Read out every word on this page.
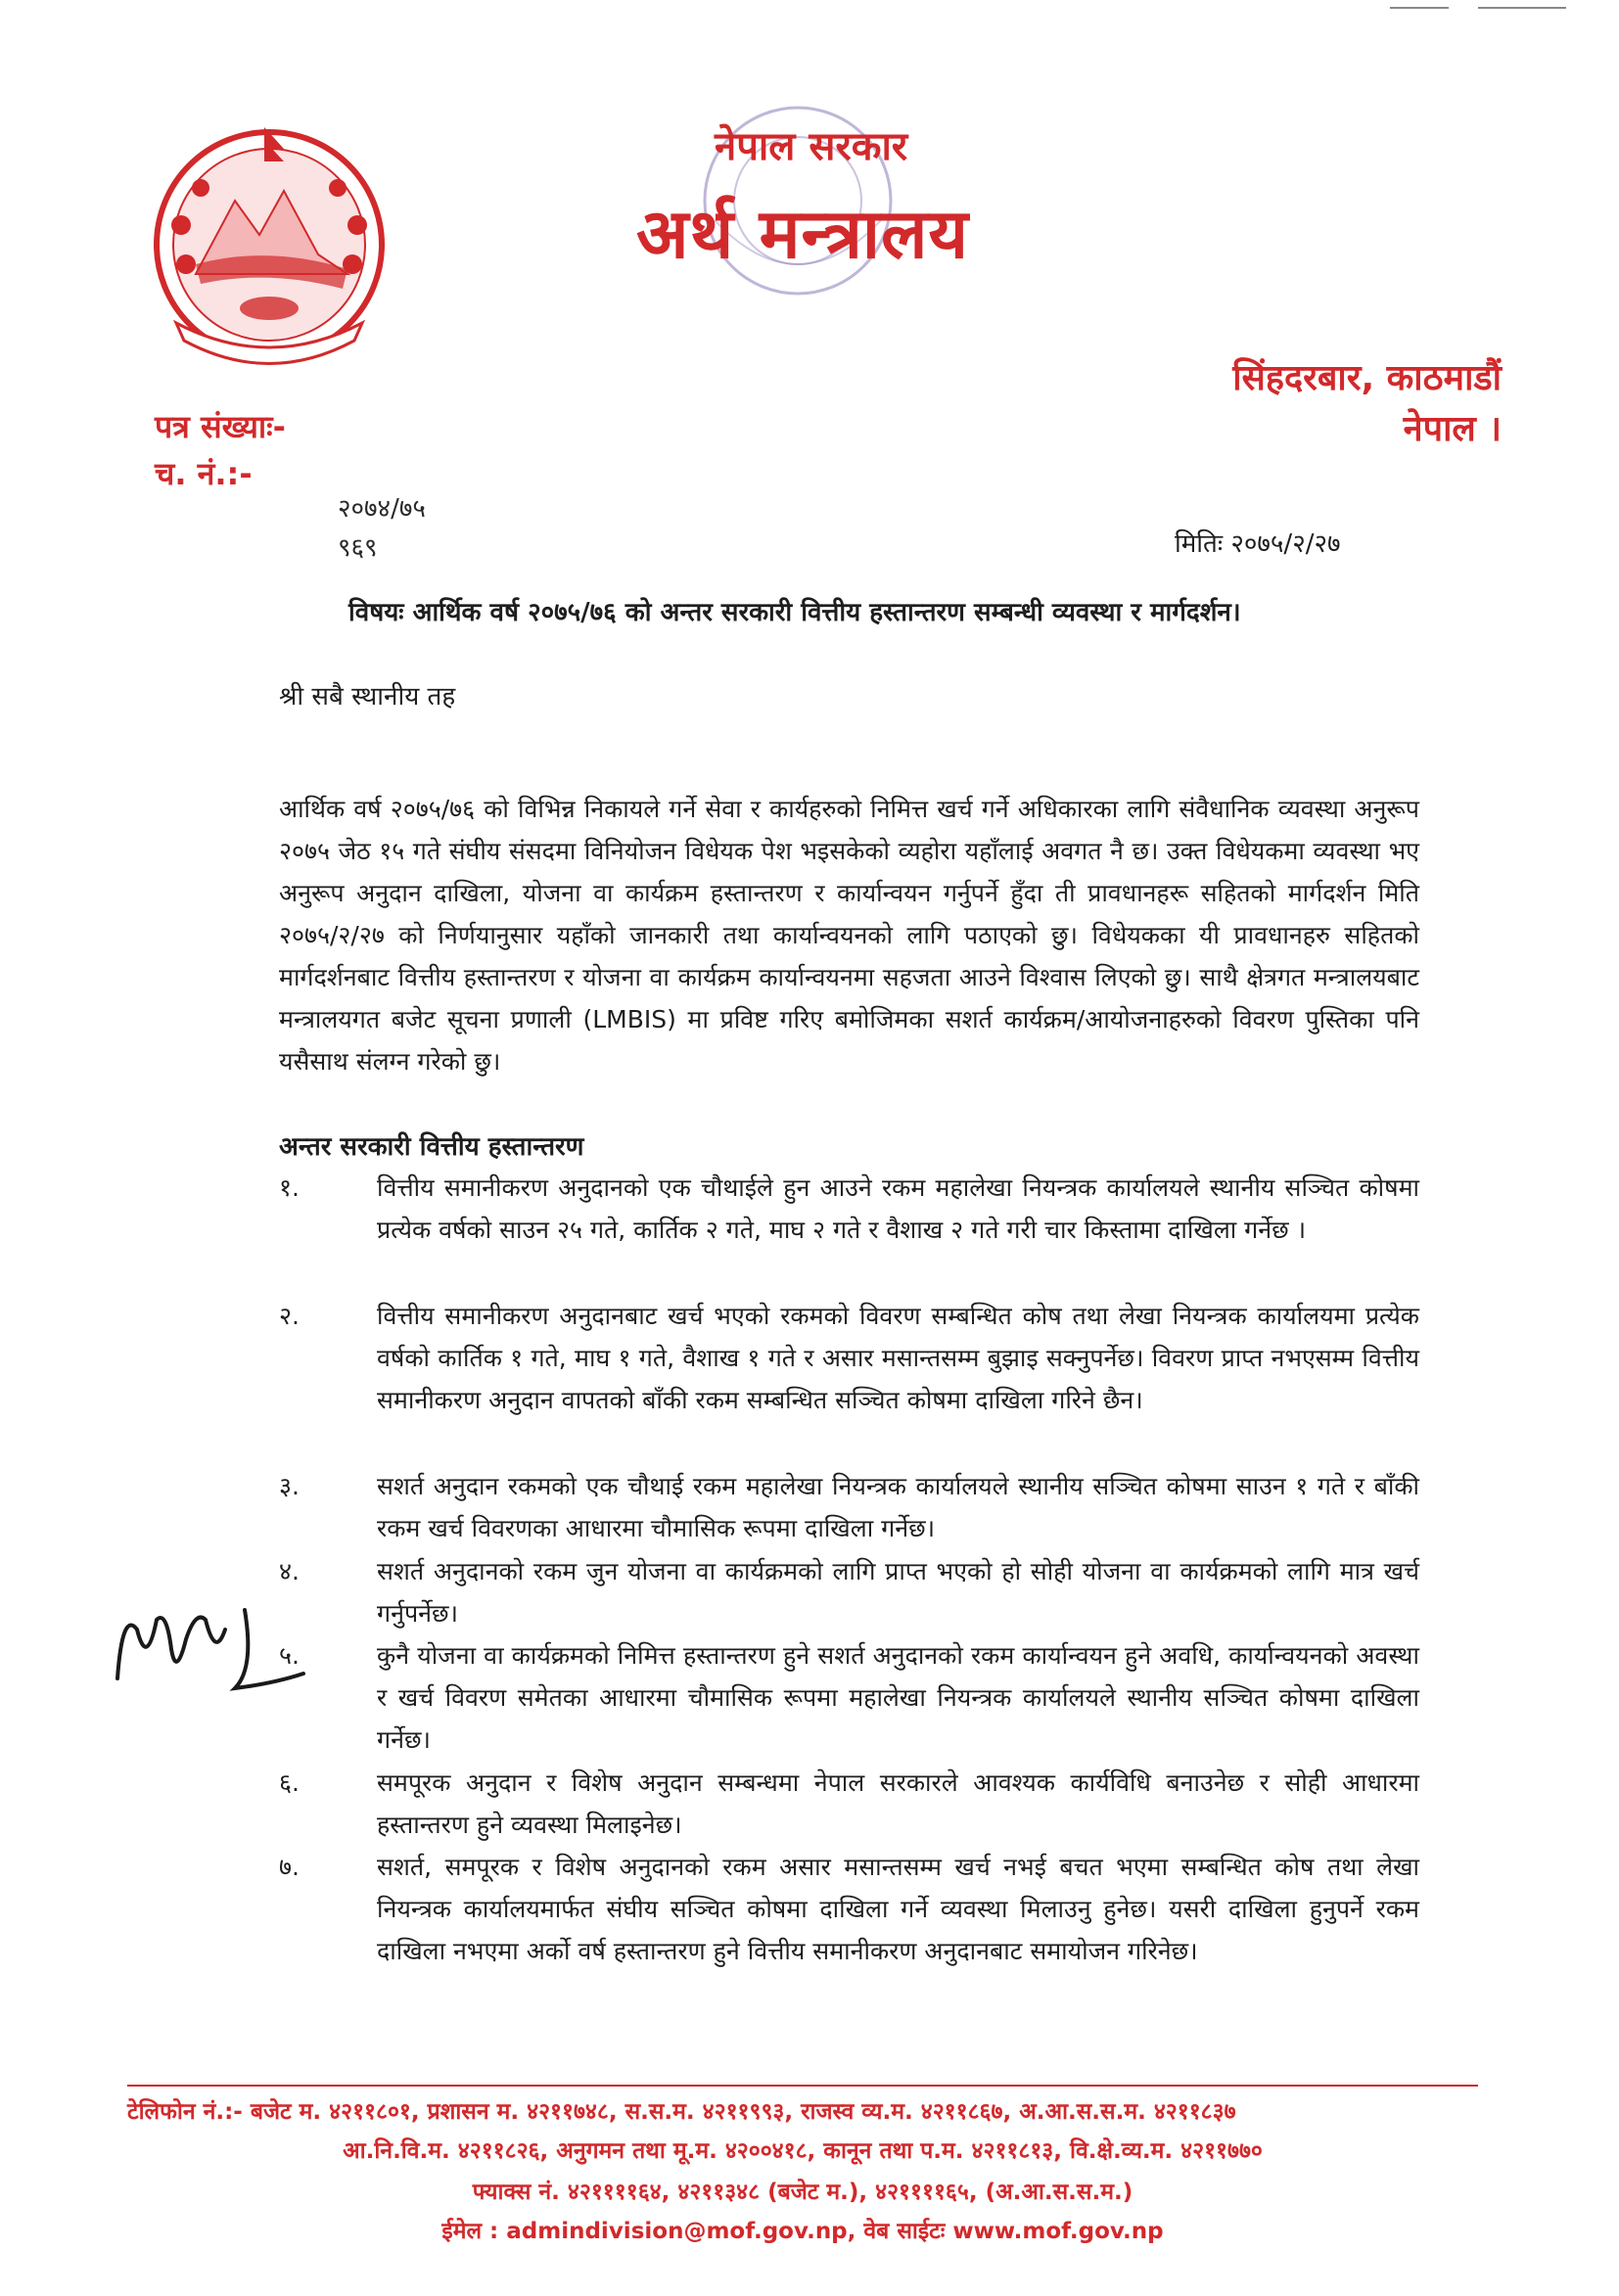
नेपाल सरकार
अर्थ मन्त्रालय
सिंहदरबार, काठमाडौं
नेपाल ।
पत्र संख्याः-
च. नं.:-
२०७४/७५
९६९	मितिः २०७५/२/२७
विषयः आर्थिक वर्ष २०७५/७६ को अन्तर सरकारी वित्तीय हस्तान्तरण सम्बन्धी व्यवस्था र मार्गदर्शन।
श्री सबै स्थानीय तह
आर्थिक वर्ष २०७५/७६ को विभिन्न निकायले गर्ने सेवा र कार्यहरुको निमित्त खर्च गर्ने अधिकारका लागि संवैधानिक व्यवस्था अनुरूप २०७५ जेठ १५ गते संघीय संसदमा विनियोजन विधेयक पेश भइसकेको व्यहोरा यहाँलाई अवगत नै छ। उक्त विधेयकमा व्यवस्था भए अनुरूप अनुदान दाखिला, योजना वा कार्यक्रम हस्तान्तरण र कार्यान्वयन गर्नुपर्ने हुँदा ती प्रावधानहरू सहितको मार्गदर्शन मिति २०७५/२/२७ को निर्णयानुसार यहाँको जानकारी तथा कार्यान्वयनको लागि पठाएको छु। विधेयकका यी प्रावधानहरु सहितको मार्गदर्शनबाट वित्तीय हस्तान्तरण र योजना वा कार्यक्रम कार्यान्वयनमा सहजता आउने विश्वास लिएको छु। साथै क्षेत्रगत मन्त्रालयबाट मन्त्रालयगत बजेट सूचना प्रणाली (LMBIS) मा प्रविष्ट गरिए बमोजिमका सशर्त कार्यक्रम/आयोजनाहरुको विवरण पुस्तिका पनि यसैसाथ संलग्न गरेको छु।
अन्तर सरकारी वित्तीय हस्तान्तरण
१.	वित्तीय समानीकरण अनुदानको एक चौथाईले हुन आउने रकम महालेखा नियन्त्रक कार्यालयले स्थानीय सञ्चित कोषमा प्रत्येक वर्षको साउन २५ गते, कार्तिक २ गते, माघ २ गते र वैशाख २ गते गरी चार किस्तामा दाखिला गर्नेछ ।
२.	वित्तीय समानीकरण अनुदानबाट खर्च भएको रकमको विवरण सम्बन्धित कोष तथा लेखा नियन्त्रक कार्यालयमा प्रत्येक वर्षको कार्तिक १ गते, माघ १ गते, वैशाख १ गते र असार मसान्तसम्म बुझाइ सक्नुपर्नेछ। विवरण प्राप्त नभएसम्म वित्तीय समानीकरण अनुदान वापतको बाँकी रकम सम्बन्धित सञ्चित कोषमा दाखिला गरिने छैन।
३.	सशर्त अनुदान रकमको एक चौथाई रकम महालेखा नियन्त्रक कार्यालयले स्थानीय सञ्चित कोषमा साउन १ गते र बाँकी रकम खर्च विवरणका आधारमा चौमासिक रूपमा दाखिला गर्नेछ।
४.	सशर्त अनुदानको रकम जुन योजना वा कार्यक्रमको लागि प्राप्त भएको हो सोही योजना वा कार्यक्रमको लागि मात्र खर्च गर्नुपर्नेछ।
५.	कुनै योजना वा कार्यक्रमको निमित्त हस्तान्तरण हुने सशर्त अनुदानको रकम कार्यान्वयन हुने अवधि, कार्यान्वयनको अवस्था र खर्च विवरण समेतका आधारमा चौमासिक रूपमा महालेखा नियन्त्रक कार्यालयले स्थानीय सञ्चित कोषमा दाखिला गर्नेछ।
६.	समपूरक अनुदान र विशेष अनुदान सम्बन्धमा नेपाल सरकारले आवश्यक कार्यविधि बनाउनेछ र सोही आधारमा हस्तान्तरण हुने व्यवस्था मिलाइनेछ।
७.	सशर्त, समपूरक र विशेष अनुदानको रकम असार मसान्तसम्म खर्च नभई बचत भएमा सम्बन्धित कोष तथा लेखा नियन्त्रक कार्यालयमार्फत संघीय सञ्चित कोषमा दाखिला गर्ने व्यवस्था मिलाउनु हुनेछ। यसरी दाखिला हुनुपर्ने रकम दाखिला नभएमा अर्को वर्ष हस्तान्तरण हुने वित्तीय समानीकरण अनुदानबाट समायोजन गरिनेछ।
टेलिफोन नं.:- बजेट म. ४२११८०१, प्रशासन म. ४२११७४८, स.स.म. ४२११९९३, राजस्व व्य.म. ४२११८६७, अ.आ.स.स.म. ४२११८३७
आ.नि.वि.म. ४२११८२६, अनुगमन तथा मू.म. ४२००४१८, कानून तथा प.म. ४२११८१३, वि.क्षे.व्य.म. ४२११७७०
फ्याक्स नं. ४२११११६४, ४२११३४८ (बजेट म.), ४२११११६५, (अ.आ.स.स.म.)
ईमेल : admindivision@mof.gov.np, वेब साईटः www.mof.gov.np
